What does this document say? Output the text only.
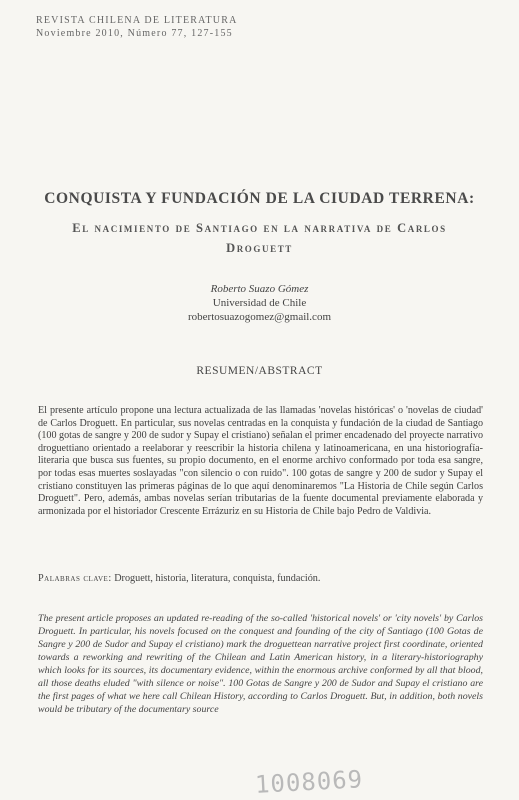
REVISTA CHILENA DE LITERATURA
Noviembre 2010, Número 77, 127-155
CONQUISTA Y FUNDACIÓN DE LA CIUDAD TERRENA:
El nacimiento de Santiago en la narrativa de Carlos Droguett
Roberto Suazo Gómez
Universidad de Chile
robertosuazogomez@gmail.com
RESUMEN/ABSTRACT

El presente artículo propone una lectura actualizada de las llamadas 'novelas históricas' o 'novelas de ciudad' de Carlos Droguett. En particular, sus novelas centradas en la conquista y fundación de la ciudad de Santiago (100 gotas de sangre y 200 de sudor y Supay el cristiano) señalan el primer encadenado del proyecte narrativo droguettiano orientado a reelaborar y reescribir la historia chilena y latinoamericana, en una historiografía-literaria que busca sus fuentes, su propio documento, en el enorme archivo conformado por toda esa sangre, por todas esas muertes soslayadas "con silencio o con ruido". 100 gotas de sangre y 200 de sudor y Supay el cristiano constituyen las primeras páginas de lo que aquí denominaremos "La Historia de Chile según Carlos Droguett". Pero, además, ambas novelas serían tributarias de la fuente documental previamente elaborada y armonizada por el historiador Crescente Errázuriz en su Historia de Chile bajo Pedro de Valdivia.

Palabras clave: Droguett, historia, literatura, conquista, fundación.

The present article proposes an updated re-reading of the so-called 'historical novels' or 'city novels' by Carlos Droguett. In particular, his novels focused on the conquest and founding of the city of Santiago (100 Gotas de Sangre y 200 de Sudor and Supay el cristiano) mark the droguettean narrative project first coordinate, oriented towards a reworking and rewriting of the Chilean and Latin American history, in a literary-historiography which looks for its sources, its documentary evidence, within the enormous archive conformed by all that blood, all those deaths eluded "with silence or noise". 100 Gotas de Sangre y 200 de Sudor and Supay el cristiano are the first pages of what we here call Chilean History, according to Carlos Droguett. But, in addition, both novels would be tributary of the documentary source

1008069
